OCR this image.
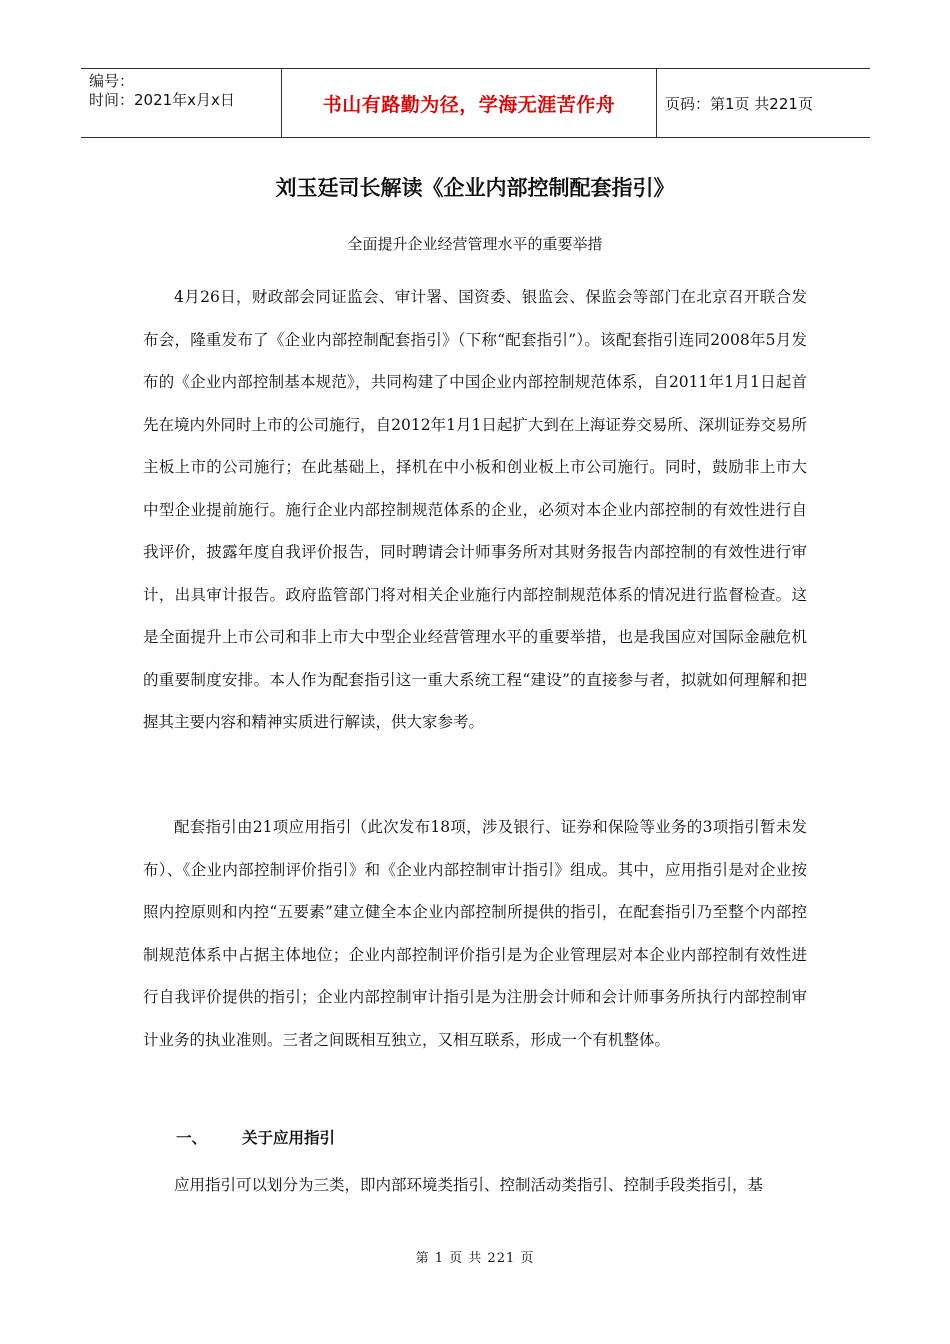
编号：
时间：2021年x月x日	书山有路勤为径，学海无涯苦作舟	页码：第1页 共221页
刘玉廷司长解读《企业内部控制配套指引》
全面提升企业经营管理水平的重要举措

4月26日，财政部会同证监会、审计署、国资委、银监会、保监会等部门在北京召开联合发布会，隆重发布了《企业内部控制配套指引》（下称“配套指引”）。该配套指引连同2008年5月发布的《企业内部控制基本规范》，共同构建了中国企业内部控制规范体系，自2011年1月1日起首先在境内外同时上市的公司施行，自2012年1月1日起扩大到在上海证券交易所、深圳证券交易所主板上市的公司施行；在此基础上，择机在中小板和创业板上市公司施行。同时，鼓励非上市大中型企业提前施行。施行企业内部控制规范体系的企业，必须对本企业内部控制的有效性进行自我评价，披露年度自我评价报告，同时聘请会计师事务所对其财务报告内部控制的有效性进行审计，出具审计报告。政府监管部门将对相关企业施行内部控制规范体系的情况进行监督检查。这是全面提升上市公司和非上市大中型企业经营管理水平的重要举措，也是我国应对国际金融危机的重要制度安排。本人作为配套指引这一重大系统工程“建设”的直接参与者，拟就如何理解和把握其主要内容和精神实质进行解读，供大家参考。

配套指引由21项应用指引（此次发布18项，涉及银行、证券和保险等业务的3项指引暂未发布）、《企业内部控制评价指引》和《企业内部控制审计指引》组成。其中，应用指引是对企业按照内控原则和内控“五要素”建立健全本企业内部控制所提供的指引，在配套指引乃至整个内部控制规范体系中占据主体地位；企业内部控制评价指引是为企业管理层对本企业内部控制有效性进行自我评价提供的指引；企业内部控制审计指引是为注册会计师和会计师事务所执行内部控制审计业务的执业准则。三者之间既相互独立，又相互联系，形成一个有机整体。

一、 关于应用指引

应用指引可以划分为三类，即内部环境类指引、控制活动类指引、控制手段类指引，基

第 1 页 共 221 页
